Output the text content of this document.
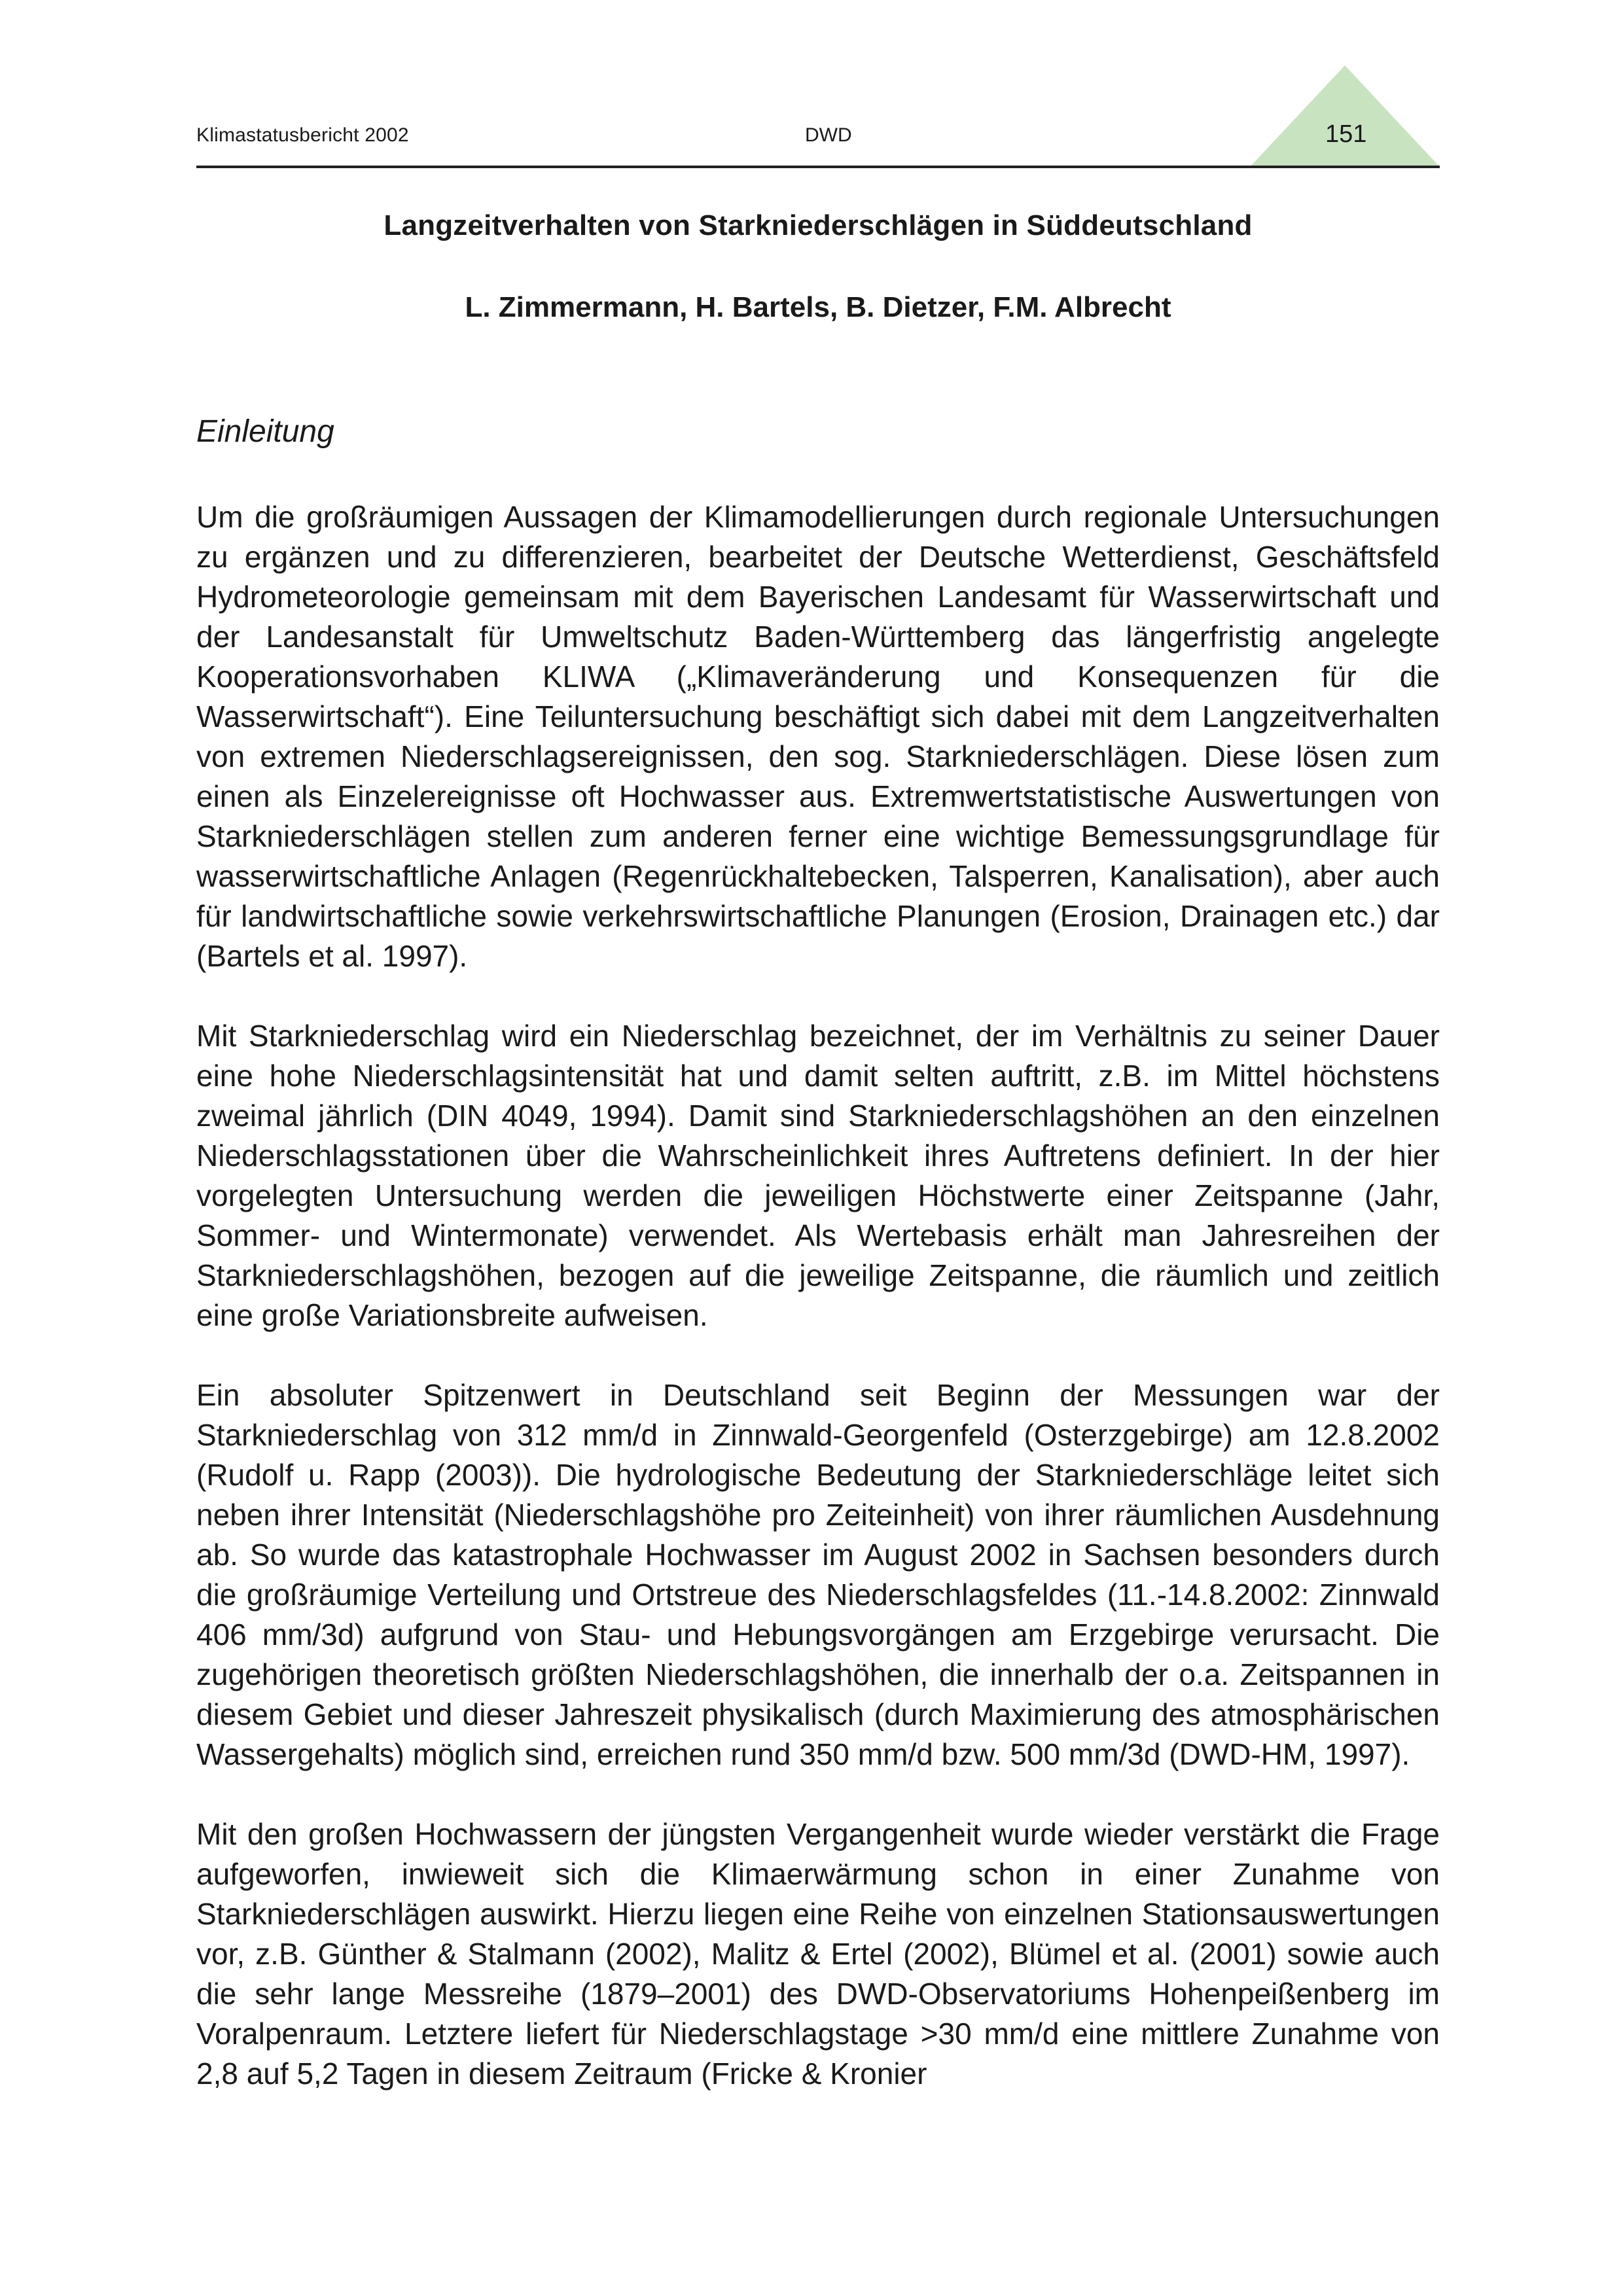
Klimastatusbericht 2002	DWD	151
Langzeitverhalten von Starkniederschlägen in Süddeutschland
L. Zimmermann, H. Bartels, B. Dietzer, F.M. Albrecht
Einleitung

Um die großräumigen Aussagen der Klimamodellierungen durch regionale Untersuchungen zu ergänzen und zu differenzieren, bearbeitet der Deutsche Wetterdienst, Geschäftsfeld Hydrometeorologie gemeinsam mit dem Bayerischen Landesamt für Wasserwirtschaft und der Landesanstalt für Umweltschutz Baden-Württemberg das längerfristig angelegte Kooperationsvorhaben KLIWA („Klimaveränderung und Konsequenzen für die Wasserwirtschaft“). Eine Teiluntersuchung beschäftigt sich dabei mit dem Langzeitverhalten von extremen Niederschlagsereignissen, den sog. Starkniederschlägen. Diese lösen zum einen als Einzelereignisse oft Hochwasser aus. Extremwertstatistische Auswertungen von Starkniederschlägen stellen zum anderen ferner eine wichtige Bemessungsgrundlage für wasserwirtschaftliche Anlagen (Regenrückhaltebecken, Talsperren, Kanalisation), aber auch für landwirtschaftliche sowie verkehrswirtschaftliche Planungen (Erosion, Drainagen etc.) dar (Bartels et al. 1997).

Mit Starkniederschlag wird ein Niederschlag bezeichnet, der im Verhältnis zu seiner Dauer eine hohe Niederschlagsintensität hat und damit selten auftritt, z.B. im Mittel höchstens zweimal jährlich (DIN 4049, 1994). Damit sind Starkniederschlagshöhen an den einzelnen Niederschlagsstationen über die Wahrscheinlichkeit ihres Auftretens definiert. In der hier vorgelegten Untersuchung werden die jeweiligen Höchstwerte einer Zeitspanne (Jahr, Sommer- und Wintermonate) verwendet. Als Wertebasis erhält man Jahresreihen der Starkniederschlagshöhen, bezogen auf die jeweilige Zeitspanne, die räumlich und zeitlich eine große Variationsbreite aufweisen.

Ein absoluter Spitzenwert in Deutschland seit Beginn der Messungen war der Starkniederschlag von 312 mm/d in Zinnwald-Georgenfeld (Osterzgebirge) am 12.8.2002 (Rudolf u. Rapp (2003)). Die hydrologische Bedeutung der Starkniederschläge leitet sich neben ihrer Intensität (Niederschlagshöhe pro Zeiteinheit) von ihrer räumlichen Ausdehnung ab. So wurde das katastrophale Hochwasser im August 2002 in Sachsen besonders durch die großräumige Verteilung und Ortstreue des Niederschlagsfeldes (11.-14.8.2002: Zinnwald 406 mm/3d) aufgrund von Stau- und Hebungsvorgängen am Erzgebirge verursacht. Die zugehörigen theoretisch größten Niederschlagshöhen, die innerhalb der o.a. Zeitspannen in diesem Gebiet und dieser Jahreszeit physikalisch (durch Maximierung des atmosphärischen Wassergehalts) möglich sind, erreichen rund 350 mm/d bzw. 500 mm/3d (DWD-HM, 1997).

Mit den großen Hochwassern der jüngsten Vergangenheit wurde wieder verstärkt die Frage aufgeworfen, inwieweit sich die Klimaerwärmung schon in einer Zunahme von Starkniederschlägen auswirkt. Hierzu liegen eine Reihe von einzelnen Stationsauswertungen vor, z.B. Günther & Stalmann (2002), Malitz & Ertel (2002), Blümel et al. (2001) sowie auch die sehr lange Messreihe (1879–2001) des DWD-Observatoriums Hohenpeißenberg im Voralpenraum. Letztere liefert für Niederschlagstage >30 mm/d eine mittlere Zunahme von 2,8 auf 5,2 Tagen in diesem Zeitraum (Fricke & Kronier
